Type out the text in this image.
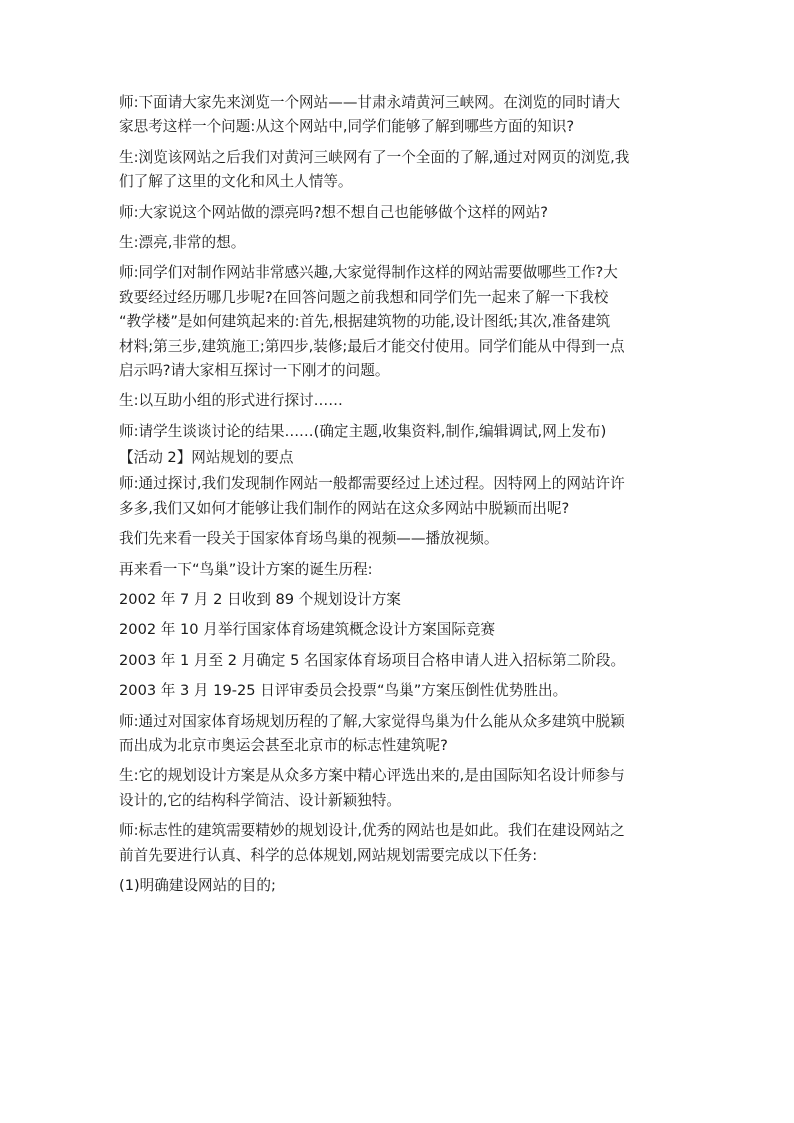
师:下面请大家先来浏览一个网站——甘肃永靖黄河三峡网。在浏览的同时请大
家思考这样一个问题:从这个网站中,同学们能够了解到哪些方面的知识?
生:浏览该网站之后我们对黄河三峡网有了一个全面的了解,通过对网页的浏览,我
们了解了这里的文化和风土人情等。
师:大家说这个网站做的漂亮吗?想不想自己也能够做个这样的网站?
生:漂亮,非常的想。
师:同学们对制作网站非常感兴趣,大家觉得制作这样的网站需要做哪些工作?大
致要经过经历哪几步呢?在回答问题之前我想和同学们先一起来了解一下我校
“教学楼”是如何建筑起来的:首先,根据建筑物的功能,设计图纸;其次,准备建筑
材料;第三步,建筑施工;第四步,装修;最后才能交付使用。同学们能从中得到一点
启示吗?请大家相互探讨一下刚才的问题。
生:以互助小组的形式进行探讨……
师:请学生谈谈讨论的结果……(确定主题,收集资料,制作,编辑调试,网上发布)
【活动 2】网站规划的要点
师:通过探讨,我们发现制作网站一般都需要经过上述过程。因特网上的网站许许
多多,我们又如何才能够让我们制作的网站在这众多网站中脱颖而出呢?
我们先来看一段关于国家体育场鸟巢的视频——播放视频。
再来看一下“鸟巢”设计方案的诞生历程:
2002 年 7 月 2 日收到 89 个规划设计方案
2002 年 10 月举行国家体育场建筑概念设计方案国际竞赛
2003 年 1 月至 2 月确定 5 名国家体育场项目合格申请人进入招标第二阶段。
2003 年 3 月 19-25 日评审委员会投票“鸟巢”方案压倒性优势胜出。
师:通过对国家体育场规划历程的了解,大家觉得鸟巢为什么能从众多建筑中脱颖
而出成为北京市奥运会甚至北京市的标志性建筑呢?
生:它的规划设计方案是从众多方案中精心评选出来的,是由国际知名设计师参与
设计的,它的结构科学简洁、设计新颖独特。
师:标志性的建筑需要精妙的规划设计,优秀的网站也是如此。我们在建设网站之
前首先要进行认真、科学的总体规划,网站规划需要完成以下任务:
(1)明确建设网站的目的;
